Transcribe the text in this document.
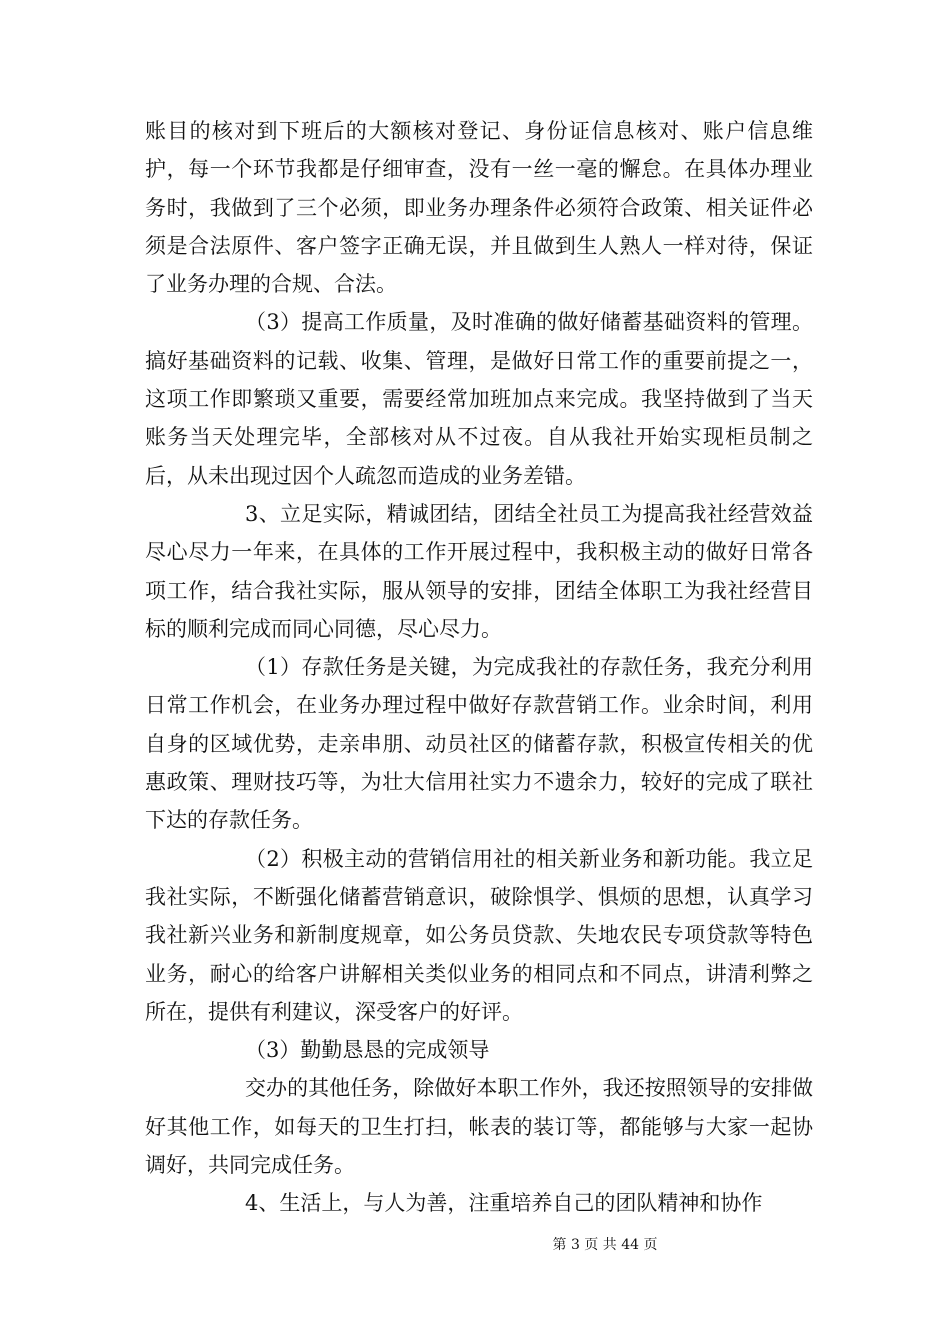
账目的核对到下班后的大额核对登记、身份证信息核对、账户信息维护，每一个环节我都是仔细审查，没有一丝一毫的懈怠。在具体办理业务时，我做到了三个必须，即业务办理条件必须符合政策、相关证件必须是合法原件、客户签字正确无误，并且做到生人熟人一样对待，保证了业务办理的合规、合法。

（3）提高工作质量，及时准确的做好储蓄基础资料的管理。搞好基础资料的记载、收集、管理，是做好日常工作的重要前提之一，这项工作即繁琐又重要，需要经常加班加点来完成。我坚持做到了当天账务当天处理完毕，全部核对从不过夜。自从我社开始实现柜员制之后，从未出现过因个人疏忽而造成的业务差错。

3、立足实际，精诚团结，团结全社员工为提高我社经营效益尽心尽力一年来，在具体的工作开展过程中，我积极主动的做好日常各项工作，结合我社实际，服从领导的安排，团结全体职工为我社经营目标的顺利完成而同心同德，尽心尽力。

（1）存款任务是关键，为完成我社的存款任务，我充分利用日常工作机会，在业务办理过程中做好存款营销工作。业余时间，利用自身的区域优势，走亲串朋、动员社区的储蓄存款，积极宣传相关的优惠政策、理财技巧等，为壮大信用社实力不遗余力，较好的完成了联社下达的存款任务。

（2）积极主动的营销信用社的相关新业务和新功能。我立足我社实际，不断强化储蓄营销意识，破除惧学、惧烦的思想，认真学习我社新兴业务和新制度规章，如公务员贷款、失地农民专项贷款等特色业务，耐心的给客户讲解相关类似业务的相同点和不同点，讲清利弊之所在，提供有利建议，深受客户的好评。

（3）勤勤恳恳的完成领导

交办的其他任务，除做好本职工作外，我还按照领导的安排做好其他工作，如每天的卫生打扫，帐表的装订等，都能够与大家一起协调好，共同完成任务。

4、生活上，与人为善，注重培养自己的团队精神和协作

第 3 页 共 44 页
